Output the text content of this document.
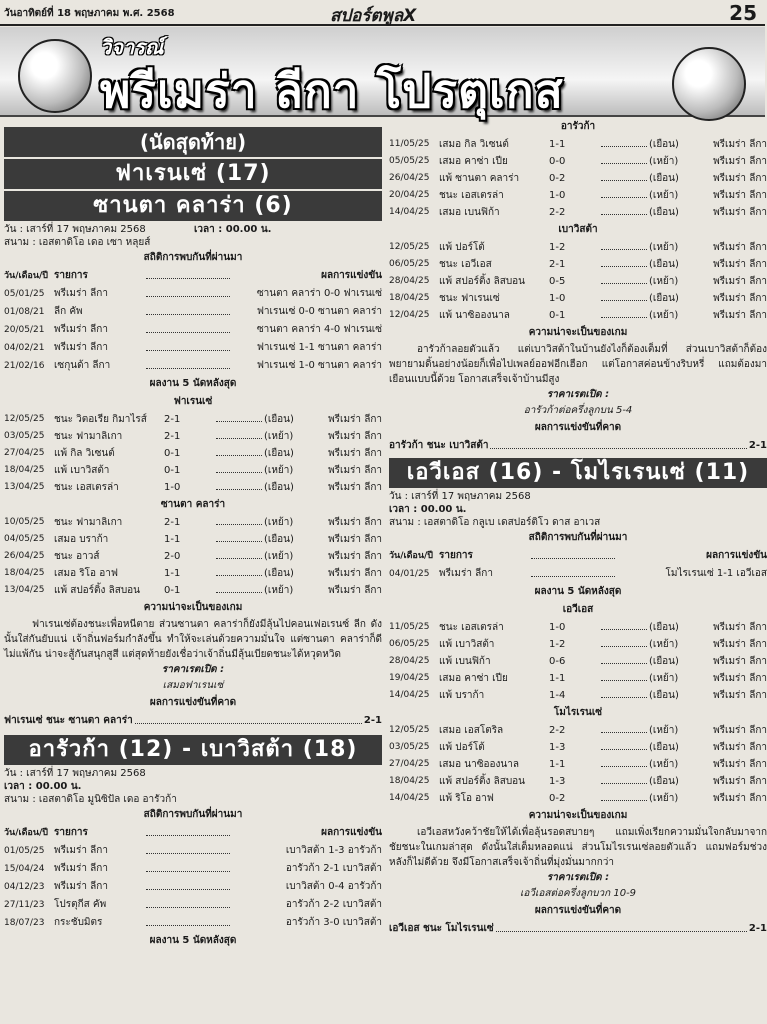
วันอาทิตย์ที่ 18 พฤษภาคม พ.ศ. 2568	สปอร์ตพูลX	25
วิจารณ์
พรีเมร่า ลีกา โปรตุเกส
(นัดสุดท้าย)
ฟาเรนเซ่ (17)
ซานตา คลาร่า (6)
วัน : เสาร์ที่ 17 พฤษภาคม 2568	เวลา : 00.00 น.
สนาม : เอสตาดิโอ เดอ เซา หลุยส์
สถิติการพบกันที่ผ่านมา
วัน/เดือน/ปี รายการ	ผลการแข่งขัน
05/01/25 พรีเมร่า ลีกา	ซานตา คลาร่า 0-0 ฟาเรนเซ่
01/08/21 ลีก คัพ	ฟาเรนเซ่ 0-0 ซานตา คลาร่า
20/05/21 พรีเมร่า ลีกา	ซานตา คลาร่า 4-0 ฟาเรนเซ่
04/02/21 พรีเมร่า ลีกา	ฟาเรนเซ่ 1-1 ซานตา คลาร่า
21/02/16 เซกุนด้า ลีกา	ฟาเรนเซ่ 1-0 ซานตา คลาร่า
ผลงาน 5 นัดหลังสุด
ฟาเรนเซ่
12/05/25 ชนะ วิตอเรีย กิมาไรส์	2-1	(เยือน)	พรีเมร่า ลีกา
03/05/25 ชนะ ฟามาลิเกา	2-1	(เหย้า)	พรีเมร่า ลีกา
27/04/25 แพ้ กิล วิเซนต์	0-1	(เยือน)	พรีเมร่า ลีกา
18/04/25 แพ้ เบาวิสต้า	0-1	(เหย้า)	พรีเมร่า ลีกา
13/04/25 ชนะ เอสเตรล่า	1-0	(เยือน)	พรีเมร่า ลีกา
ซานตา คลาร่า
10/05/25 ชนะ ฟามาลิเกา	2-1	(เหย้า)	พรีเมร่า ลีกา
04/05/25 เสมอ บราก้า	1-1	(เยือน)	พรีเมร่า ลีกา
26/04/25 ชนะ อาวส์	2-0	(เหย้า)	พรีเมร่า ลีกา
18/04/25 เสมอ ริโอ อาฟ	1-1	(เยือน)	พรีเมร่า ลีกา
13/04/25 แพ้ สปอร์ติ้ง ลิสบอน	0-1	(เหย้า)	พรีเมร่า ลีกา
ความน่าจะเป็นของเกม
ฟาเรนเซ่ต้องชนะเพื่อหนีตาย ส่วนซานตา คลาร่าก็ยังมีลุ้นไปคอนเฟอเรนซ์ ลีก ดังนั้นใส่กันยับแน่ เจ้าถิ่นฟอร์มกำลังขึ้น ทำให้จะเล่นด้วยความมั่นใจ แต่ซานตา คลาร่าก็ดีไม่แพ้กัน น่าจะสู้กันสนุกสูสี แต่สุดท้ายยังเชื่อว่าเจ้าถิ่นมีลุ้นเบียดชนะได้หวุดหวิด
ราคาเรตเปิด :
เสมอฟาเรนเซ่
ผลการแข่งขันที่คาด
ฟาเรนเซ่ ชนะ ซานตา คลาร่า	2-1
อารัวก้า (12) - เบาวิสต้า (18)
วัน : เสาร์ที่ 17 พฤษภาคม 2568
เวลา : 00.00 น.
สนาม : เอสตาดิโอ มูนิซิปัล เดอ อารัวก้า
สถิติการพบกันที่ผ่านมา
วัน/เดือน/ปี รายการ	ผลการแข่งขัน
01/05/25 พรีเมร่า ลีกา	เบาวิสต้า 1-3 อารัวก้า
15/04/24 พรีเมร่า ลีกา	อารัวก้า 2-1 เบาวิสต้า
04/12/23 พรีเมร่า ลีกา	เบาวิสต้า 0-4 อารัวก้า
27/11/23 โปรตุกีส คัพ	อารัวก้า 2-2 เบาวิสต้า
18/07/23 กระชับมิตร	อารัวก้า 3-0 เบาวิสต้า
ผลงาน 5 นัดหลังสุด
อารัวก้า
11/05/25 เสมอ กิล วิเซนต์	1-1	(เยือน)	พรีเมร่า ลีกา
05/05/25 เสมอ คาซ่า เปีย	0-0	(เหย้า)	พรีเมร่า ลีกา
26/04/25 แพ้ ซานตา คลาร่า	0-2	(เยือน)	พรีเมร่า ลีกา
20/04/25 ชนะ เอสเตรล่า	1-0	(เหย้า)	พรีเมร่า ลีกา
14/04/25 เสมอ เบนฟิก้า	2-2	(เยือน)	พรีเมร่า ลีกา
เบาวิสต้า
12/05/25 แพ้ ปอร์โต้	1-2	(เหย้า)	พรีเมร่า ลีกา
06/05/25 ชนะ เอวีเอส	2-1	(เยือน)	พรีเมร่า ลีกา
28/04/25 แพ้ สปอร์ติ้ง ลิสบอน	0-5	(เหย้า)	พรีเมร่า ลีกา
18/04/25 ชนะ ฟาเรนเซ่	1-0	(เยือน)	พรีเมร่า ลีกา
12/04/25 แพ้ นาซิอองนาล	0-1	(เหย้า)	พรีเมร่า ลีกา
ความน่าจะเป็นของเกม
อารัวก้าลอยตัวแล้ว แต่เบาวิสต้าในบ้านยังไงก็ต้องเต็มที่ ส่วนเบาวิสต้าก็ต้องพยายามดิ้นอย่างน้อยก็เพื่อไปเพลย์ออฟอีกเฮือก แต่โอกาสค่อนข้างริบหรี่ แถมต้องมาเยือนแบบนี้ด้วย โอกาสเสร็จเจ้าบ้านมีสูง
ราคาเรตเปิด :
อารัวก้าต่อครึ่งลูกบน 5-4
ผลการแข่งขันที่คาด
อารัวก้า ชนะ เบาวิสต้า	2-1
เอวีเอส (16) - โมไรเรนเซ่ (11)
วัน : เสาร์ที่ 17 พฤษภาคม 2568
เวลา : 00.00 น.
สนาม : เอสตาดิโอ กลูเบ เดสปอร์ติโว ดาส อาเวส
สถิติการพบกันที่ผ่านมา
วัน/เดือน/ปี รายการ	ผลการแข่งขัน
04/01/25 พรีเมร่า ลีกา	โมไรเรนเซ่ 1-1 เอวีเอส
ผลงาน 5 นัดหลังสุด
เอวีเอส
11/05/25 ชนะ เอสเตรล่า	1-0	(เยือน)	พรีเมร่า ลีกา
06/05/25 แพ้ เบาวิสต้า	1-2	(เหย้า)	พรีเมร่า ลีกา
28/04/25 แพ้ เบนฟิก้า	0-6	(เยือน)	พรีเมร่า ลีกา
19/04/25 เสมอ คาซ่า เปีย	1-1	(เหย้า)	พรีเมร่า ลีกา
14/04/25 แพ้ บราก้า	1-4	(เยือน)	พรีเมร่า ลีกา
โมไรเรนเซ่
12/05/25 เสมอ เอสโตริล	2-2	(เหย้า)	พรีเมร่า ลีกา
03/05/25 แพ้ ปอร์โต้	1-3	(เยือน)	พรีเมร่า ลีกา
27/04/25 เสมอ นาซิอองนาล	1-1	(เหย้า)	พรีเมร่า ลีกา
18/04/25 แพ้ สปอร์ติ้ง ลิสบอน	1-3	(เยือน)	พรีเมร่า ลีกา
14/04/25 แพ้ ริโอ อาฟ	0-2	(เหย้า)	พรีเมร่า ลีกา
ความน่าจะเป็นของเกม
เอวีเอสหวังคว้าชัยให้ได้เพื่อลุ้นรอดสบายๆ แถมเพิ่งเรียกความมั่นใจกลับมาจากชัยชนะในเกมล่าสุด ดังนั้นใส่เต็มหลอดแน่ ส่วนโมไรเรนเซ่ลอยตัวแล้ว แถมฟอร์มช่วงหลังก็ไม่ดีด้วย จึงมีโอกาสเสร็จเจ้าถิ่นที่มุ่งมั่นมากกว่า
ราคาเรตเปิด :
เอวีเอสต่อครึ่งลูกบวก 10-9
ผลการแข่งขันที่คาด
เอวีเอส ชนะ โมไรเรนเซ่	2-1
